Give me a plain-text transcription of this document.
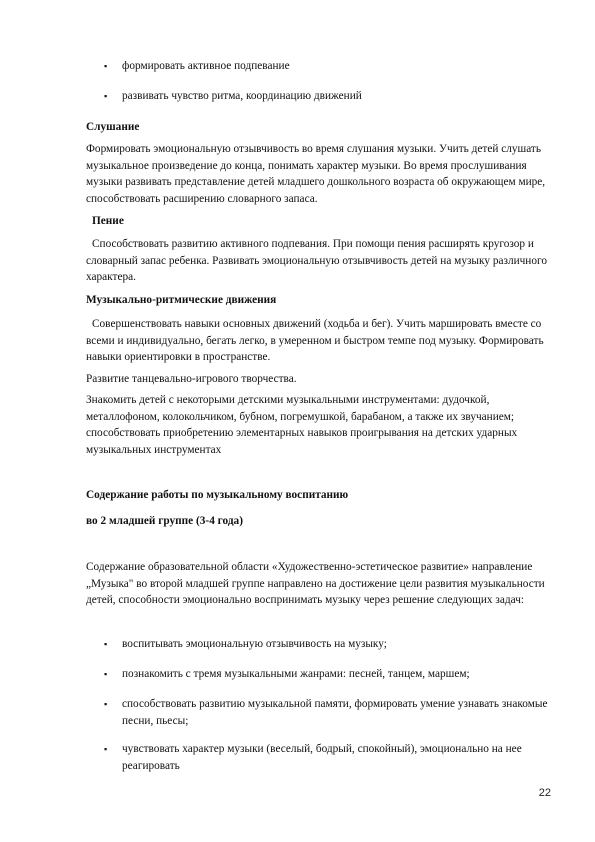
▪ формировать активное подпевание
▪ развивать чувство ритма, координацию движений

Слушание

Формировать эмоциональную отзывчивость во время слушания музыки. Учить детей слушать музыкальное произведение до конца, понимать характер музыки. Во время прослушивания музыки развивать представление детей младшего дошкольного возраста об окружающем мире, способствовать расширению словарного запаса.

Пение

Способствовать развитию активного подпевания. При помощи пения расширять кругозор и словарный запас ребенка. Развивать эмоциональную отзывчивость детей на музыку различного характера.

Музыкально-ритмические движения

Совершенствовать навыки основных движений (ходьба и бег). Учить маршировать вместе со всеми и индивидуально, бегать легко, в умеренном и быстром темпе под музыку. Формировать навыки ориентировки в пространстве.

Развитие танцевально-игрового творчества.

Знакомить детей с некоторыми детскими музыкальными инструментами: дудочкой, металлофоном, колокольчиком, бубном, погремушкой, барабаном, а также их звучанием; способствовать приобретению элементарных навыков проигрывания на детских ударных музыкальных инструментах

Содержание работы по музыкальному воспитанию

во 2 младшей группе (3-4 года)

Содержание образовательной области «Художественно-эстетическое развитие» направление „Музыка" во второй младшей группе направлено на достижение цели развития музыкальности детей, способности эмоционально воспринимать музыку через решение следующих задач:

▪ воспитывать эмоциональную отзывчивость на музыку;
▪ познакомить с тремя музыкальными жанрами: песней, танцем, маршем;
▪ способствовать развитию музыкальной памяти, формировать умение узнавать знакомые песни, пьесы;
▪ чувствовать характер музыки (веселый, бодрый, спокойный), эмоционально на нее реагировать
22
